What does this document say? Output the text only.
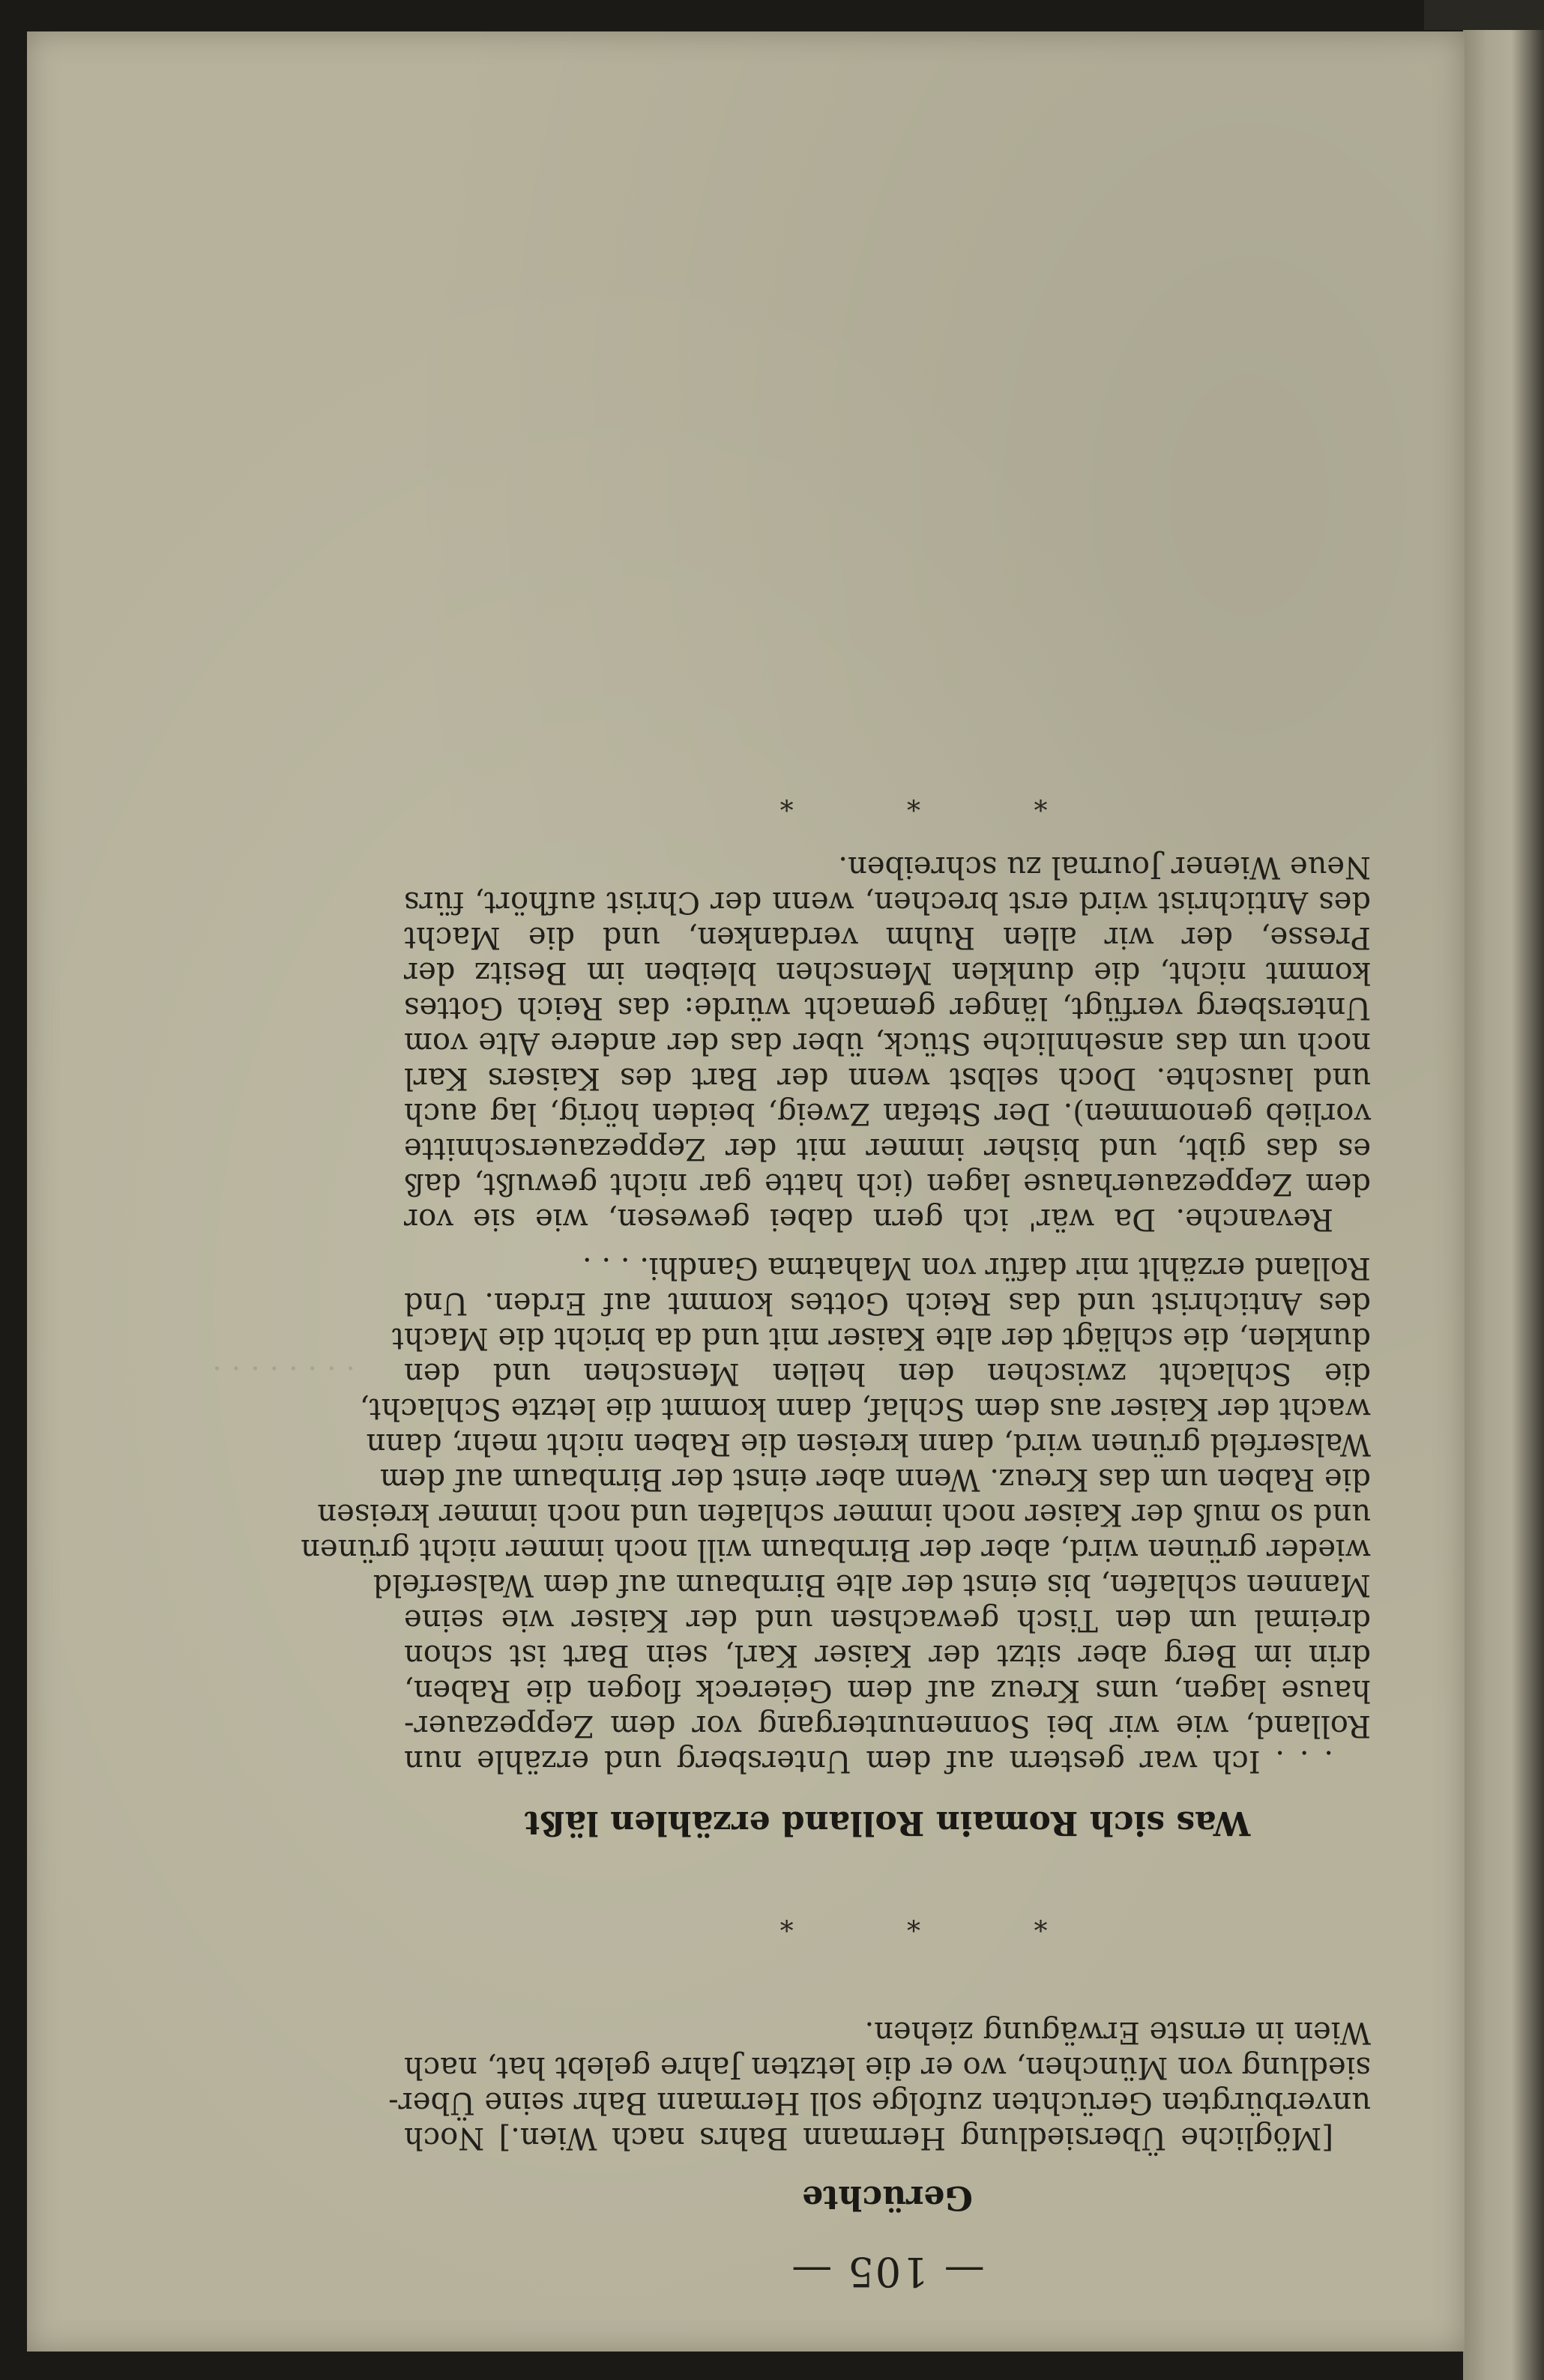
. . . . . . . .
— 105 —
Gerüchte
[Mögliche Übersiedlung Hermann Bahrs nach Wien.] Noch
unverbürgten Gerüchten zufolge soll Hermann Bahr seine Über-
siedlung von München, wo er die letzten Jahre gelebt hat, nach
Wien in ernste Erwägung ziehen.
* * *
Was sich Romain Rolland erzählen läßt
. . . Ich war gestern auf dem Untersberg und erzähle nun
Rolland, wie wir bei Sonnenuntergang vor dem Zeppezauer-
hause lagen, ums Kreuz auf dem Geiereck flogen die Raben,
drin im Berg aber sitzt der Kaiser Karl, sein Bart ist schon
dreimal um den Tisch gewachsen und der Kaiser wie seine
Mannen schlafen, bis einst der alte Birnbaum auf dem Walserfeld
wieder grünen wird, aber der Birnbaum will noch immer nicht grünen
und so muß der Kaiser noch immer schlafen und noch immer kreisen
die Raben um das Kreuz. Wenn aber einst der Birnbaum auf dem
Walserfeld grünen wird, dann kreisen die Raben nicht mehr, dann
wacht der Kaiser aus dem Schlaf, dann kommt die letzte Schlacht,
die Schlacht zwischen den hellen Menschen und den
dunklen, die schlägt der alte Kaiser mit und da bricht die Macht
des Antichrist und das Reich Gottes kommt auf Erden. Und
Rolland erzählt mir dafür von Mahatma Gandhi. . . .
Revanche. Da wär' ich gern dabei gewesen, wie sie vor
dem Zeppezauerhause lagen (ich hatte gar nicht gewußt, daß
es das gibt, und bisher immer mit der Zeppezauerschnitte
vorlieb genommen). Der Stefan Zweig, beiden hörig, lag auch
und lauschte. Doch selbst wenn der Bart des Kaisers Karl
noch um das ansehnliche Stück, über das der andere Alte vom
Untersberg verfügt, länger gemacht würde: das Reich Gottes
kommt nicht, die dunklen Menschen bleiben im Besitz der
Presse, der wir allen Ruhm verdanken, und die Macht
des Antichrist wird erst brechen, wenn der Christ aufhört, fürs
Neue Wiener Journal zu schreiben.
* * *
